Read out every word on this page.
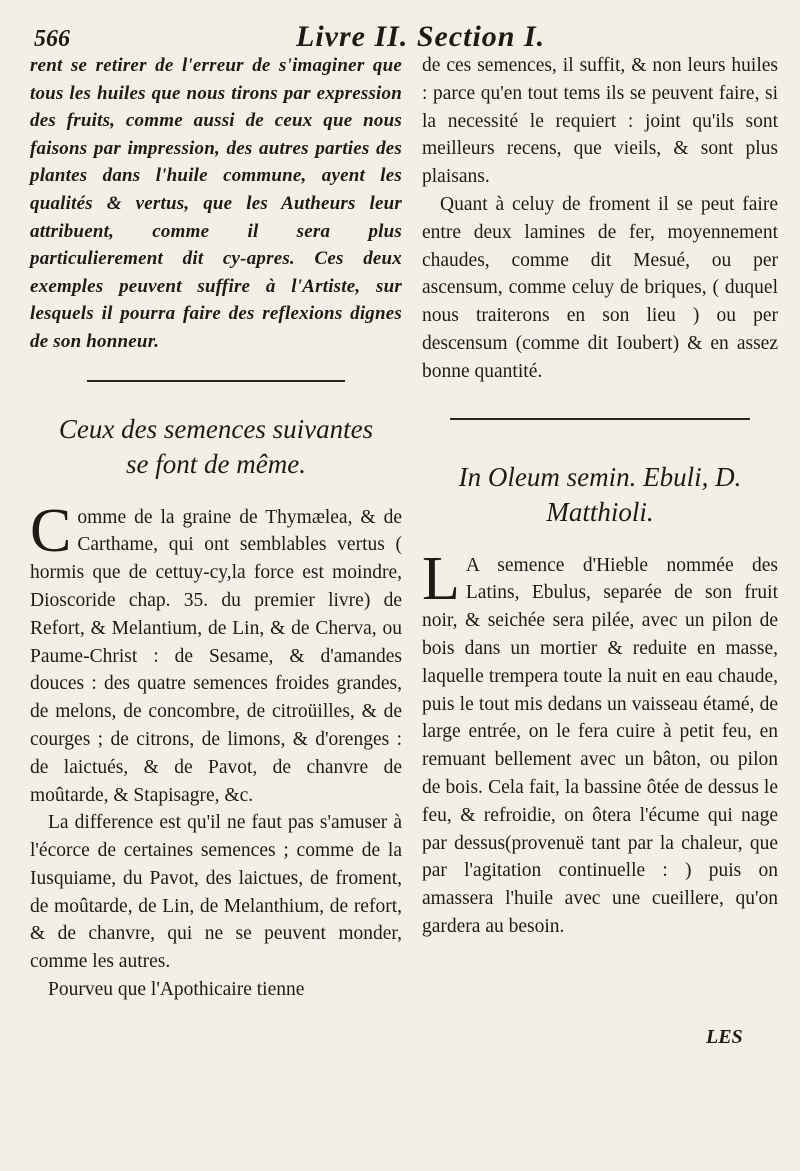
566	Livre II. Section I.

rent se retirer de l'erreur de s'imaginer que tous les huiles que nous tirons par expression des fruits, comme aussi de ceux que nous faisons par impression, des autres parties des plantes dans l'huile commune, ayent les qualités & vertus, que les Autheurs leur attribuent, comme il sera plus particulierement dit cy-apres. Ces deux exemples peuvent suffire à l'Artiste, sur lesquels il pourra faire des reflexions dignes de son honneur.

Ceux des semences suivantes
se font de même.
C omme de la graine de Thymælea, & de Carthame, qui ont semblables vertus ( hormis que de cettuy-cy,la force est moindre, Dioscoride chap. 35. du premier livre) de Refort, & Melantium, de Lin, & de Cherva, ou Paume-Christ : de Sesame, & d'amandes douces : des quatre semences froides grandes, de melons, de concombre, de citroüilles, & de courges ; de citrons, de limons, & d'orenges : de laictués, & de Pavot, de chanvre de moûtarde, & Stapisagre, &c.

La difference est qu'il ne faut pas s'amuser à l'écorce de certaines semences ; comme de la Iusquiame, du Pavot, des laictues, de froment, de moûtarde, de Lin, de Melanthium, de refort, & de chanvre, qui ne se peuvent monder, comme les autres.

Pourveu que l'Apothicaire tienne

de ces semences, il suffit, & non leurs huiles : parce qu'en tout tems ils se peuvent faire, si la necessité le requiert : joint qu'ils sont meilleurs recens, que vieils, & sont plus plaisans.

Quant à celuy de froment il se peut faire entre deux lamines de fer, moyennement chaudes, comme dit Mesué, ou per ascensum, comme celuy de briques, ( duquel nous traiterons en son lieu ) ou per descensum (comme dit Ioubert) & en assez bonne quantité.

In Oleum semin. Ebuli, D.
Matthioli.
L A semence d'Hieble nommée des Latins, Ebulus, separée de son fruit noir, & seichée sera pilée, avec un pilon de bois dans un mortier & reduite en masse, laquelle trempera toute la nuit en eau chaude, puis le tout mis dedans un vaisseau étamé, de large entrée, on le fera cuire à petit feu, en remuant bellement avec un bâton, ou pilon de bois. Cela fait, la bassine ôtée de dessus le feu, & refroidie, on ôtera l'écume qui nage par dessus(provenuë tant par la chaleur, que par l'agitation continuelle : ) puis on amassera l'huile avec une cueillere, qu'on gardera au besoin.

LES
